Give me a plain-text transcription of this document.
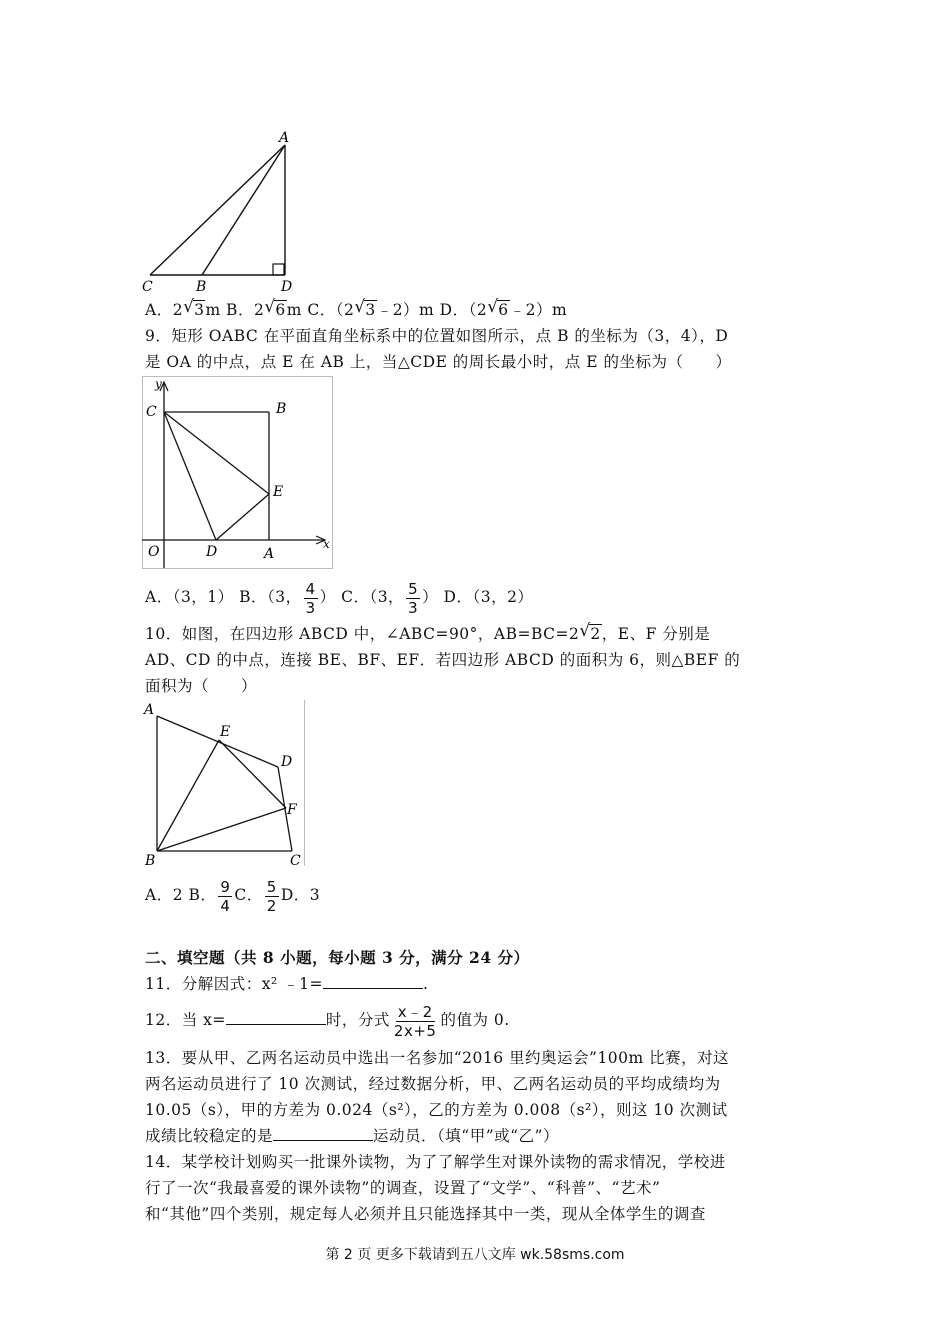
A
C	B	D
A．2 √ 3m B．2 √ 6m C．（2 √ 3﹣2）m D．（2 √ 6﹣2）m
9．矩形 OABC 在平面直角坐标系中的位置如图所示，点 B 的坐标为（3，4），D
是 OA 的中点，点 E 在 AB 上，当△CDE 的周长最小时，点 E 的坐标为（　　）
y
C	B
E
O	D	A
x
A．（3，1） B．（3， $\frac{4}{3}$ ） C．（3， $\frac{5}{3}$ ） D．（3，2）
10．如图，在四边形 ABCD 中，∠ABC=90°，AB=BC=2 √ 2，E、F 分别是
AD、CD 的中点，连接 BE、BF、EF．若四边形 ABCD 的面积为 6，则△BEF 的
面积为（　　）
A
E
D
F
B	C
A．2 B． $\frac{9}{4}$ C． $\frac{5}{2}$ D．3
二、填空题（共 8 小题，每小题 3 分，满分 24 分）
11．分解因式：x² ﹣1=	.
12．当 x=	时，分式 $\frac{x﹣2}{2x+5}$ 的值为 0.
13．要从甲、乙两名运动员中选出一名参加“2016 里约奥运会”100m 比赛，对这
两名运动员进行了 10 次测试，经过数据分析，甲、乙两名运动员的平均成绩均为
10.05（s），甲的方差为 0.024（s²），乙的方差为 0.008（s²），则这 10 次测试
成绩比较稳定的是	运动员．（填“甲”或“乙”）
14．某学校计划购买一批课外读物，为了了解学生对课外读物的需求情况，学校进
行了一次“我最喜爱的课外读物”的调查，设置了“文学”、“科普”、“艺术”
和“其他”四个类别，规定每人必须并且只能选择其中一类，现从全体学生的调查
第 2 页 更多下载请到五八文库 wk.58sms.com
